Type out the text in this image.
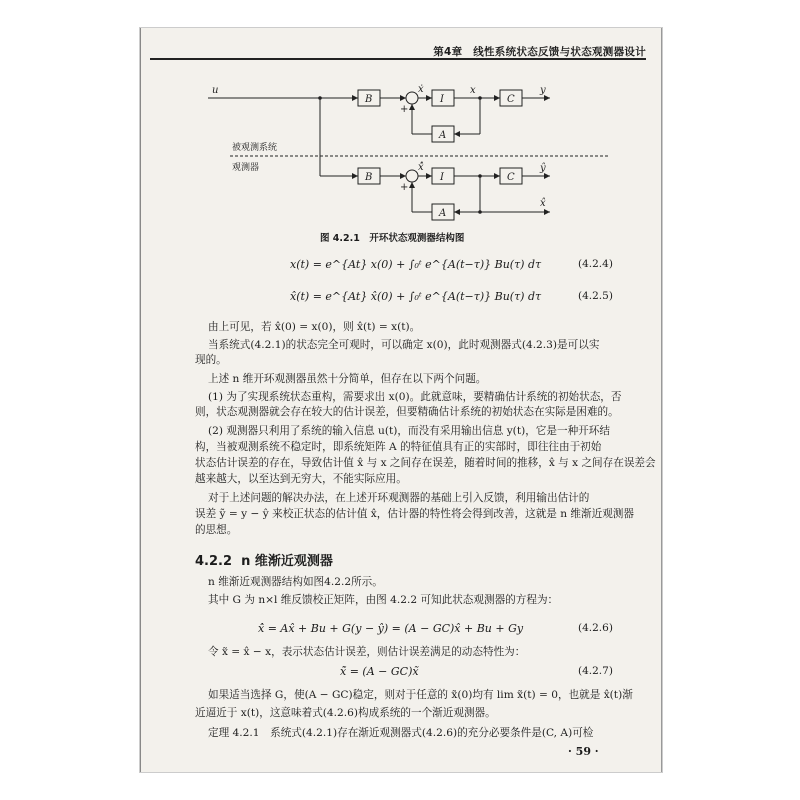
第4章　线性系统状态反馈与状态观测器设计
u
B
ẋ
I
x
C
y
+
A
被观测系统
观测器
B
x̂̇
I	C
ŷ
+
A
x̂
图 4.2.1　开环状态观测器结构图
x(t) = e^{At} x(0) + ∫₀ᵗ e^{A(t−τ)} Bu(τ) dτ	(4.2.4)
x̂(t) = e^{At} x̂(0) + ∫₀ᵗ e^{A(t−τ)} Bu(τ) dτ	(4.2.5)
由上可见，若 x̂(0) = x(0)，则 x̂(t) = x(t)。
当系统式(4.2.1)的状态完全可观时，可以确定 x(0)，此时观测器式(4.2.3)是可以实
现的。
上述 n 维开环观测器虽然十分简单，但存在以下两个问题。
(1) 为了实现系统状态重构，需要求出 x(0)。此就意味，要精确估计系统的初始状态，否
则，状态观测器就会存在较大的估计误差，但要精确估计系统的初始状态在实际是困难的。
(2) 观测器只利用了系统的输入信息 u(t)，而没有采用输出信息 y(t)，它是一种开环结
构，当被观测系统不稳定时，即系统矩阵 A 的特征值具有正的实部时，即往往由于初始
状态估计误差的存在，导致估计值 x̂ 与 x 之间存在误差，随着时间的推移，x̂ 与 x 之间存在误差会
越来越大，以至达到无穷大，不能实际应用。
对于上述问题的解决办法，在上述开环观测器的基础上引入反馈，利用输出估计的
误差 ỹ = y − ŷ 来校正状态的估计值 x̂，估计器的特性将会得到改善，这就是 n 维渐近观测器
的思想。
4.2.2 n 维渐近观测器
n 维渐近观测器结构如图4.2.2所示。
其中 G 为 n×l 维反馈校正矩阵，由图 4.2.2 可知此状态观测器的方程为：
x̂̇ = Ax̂ + Bu + G(y − ŷ) = (A − GC)x̂ + Bu + Gy	(4.2.6)
令 x̃ = x̂ − x，表示状态估计误差，则估计误差满足的动态特性为：
x̃̇ = (A − GC)x̃	(4.2.7)
如果适当选择 G，使(A − GC)稳定，则对于任意的 x̃(0)均有 lim x̃(t) = 0，也就是 x̂(t)渐
近逼近于 x(t)，这意味着式(4.2.6)构成系统的一个渐近观测器。
定理 4.2.1　系统式(4.2.1)存在渐近观测器式(4.2.6)的充分必要条件是(C, A)可检
· 59 ·
